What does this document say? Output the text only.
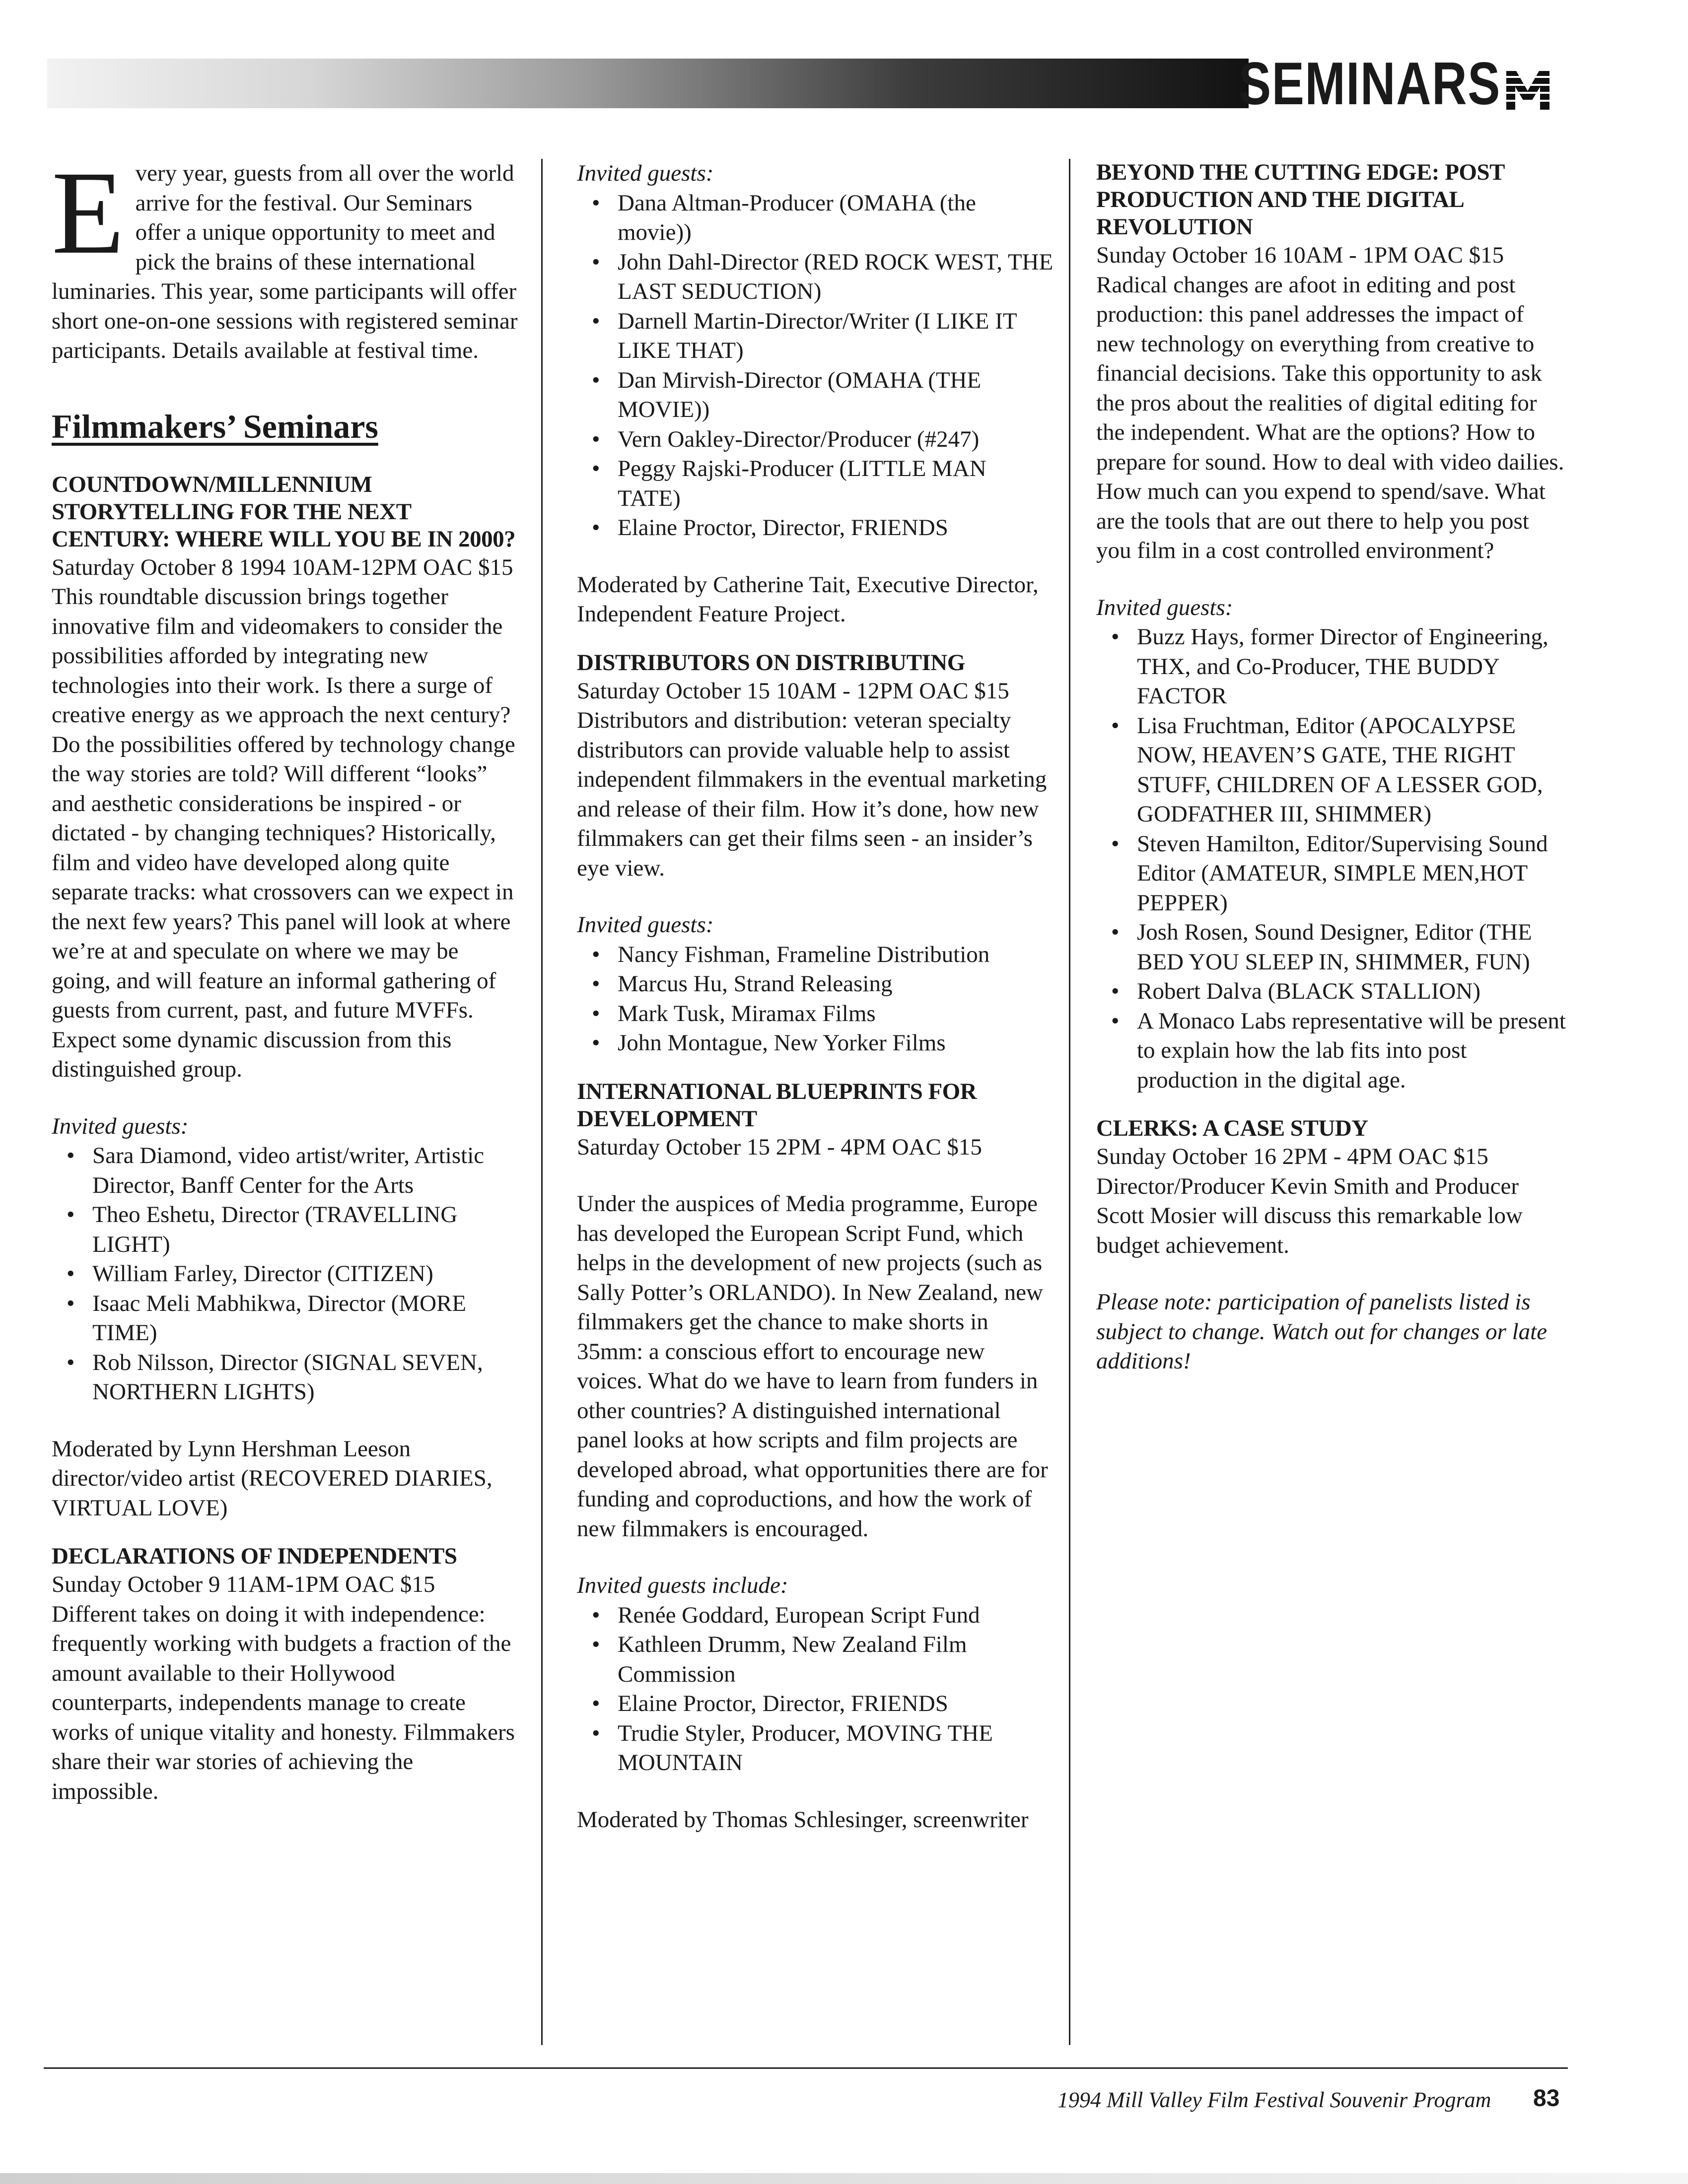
SEMINARS
E very year, guests from all over the world arrive for the festival. Our Seminars offer a unique opportunity to meet and pick the brains of these international luminaries. This year, some participants will offer short one-on-one sessions with registered seminar participants. Details available at festival time.
Filmmakers’ Seminars

COUNTDOWN/MILLENNIUM STORYTELLING FOR THE NEXT CENTURY: WHERE WILL YOU BE IN 2000?

Saturday October 8 1994 10AM-12PM OAC $15

This roundtable discussion brings together innovative film and videomakers to consider the possibilities afforded by integrating new technologies into their work. Is there a surge of creative energy as we approach the next century? Do the possibilities offered by technology change the way stories are told? Will different “looks” and aesthetic considerations be inspired - or dictated - by changing techniques? Historically, film and video have developed along quite separate tracks: what crossovers can we expect in the next few years? This panel will look at where we’re at and speculate on where we may be going, and will feature an informal gathering of guests from current, past, and future MVFFs. Expect some dynamic discussion from this distinguished group.

Invited guests:

• Sara Diamond, video artist/writer, Artistic Director, Banff Center for the Arts
• Theo Eshetu, Director (TRAVELLING LIGHT)
• William Farley, Director (CITIZEN)
• Isaac Meli Mabhikwa, Director (MORE TIME)
• Rob Nilsson, Director (SIGNAL SEVEN, NORTHERN LIGHTS)

Moderated by Lynn Hershman Leeson director/video artist (RECOVERED DIARIES, VIRTUAL LOVE)

DECLARATIONS OF INDEPENDENTS

Sunday October 9 11AM-1PM OAC $15

Different takes on doing it with independence: frequently working with budgets a fraction of the amount available to their Hollywood counterparts, independents manage to create works of unique vitality and honesty. Filmmakers share their war stories of achieving the impossible.

Invited guests:

• Dana Altman-Producer (OMAHA (the movie))
• John Dahl-Director (RED ROCK WEST, THE LAST SEDUCTION)
• Darnell Martin-Director/Writer (I LIKE IT LIKE THAT)
• Dan Mirvish-Director (OMAHA (THE MOVIE))
• Vern Oakley-Director/Producer (#247)
• Peggy Rajski-Producer (LITTLE MAN TATE)
• Elaine Proctor, Director, FRIENDS

Moderated by Catherine Tait, Executive Director, Independent Feature Project.

DISTRIBUTORS ON DISTRIBUTING

Saturday October 15 10AM - 12PM OAC $15

Distributors and distribution: veteran specialty distributors can provide valuable help to assist independent filmmakers in the eventual marketing and release of their film. How it’s done, how new filmmakers can get their films seen - an insider’s eye view.

Invited guests:

• Nancy Fishman, Frameline Distribution
• Marcus Hu, Strand Releasing
• Mark Tusk, Miramax Films
• John Montague, New Yorker Films

INTERNATIONAL BLUEPRINTS FOR DEVELOPMENT

Saturday October 15 2PM - 4PM OAC $15

Under the auspices of Media programme, Europe has developed the European Script Fund, which helps in the development of new projects (such as Sally Potter’s ORLANDO). In New Zealand, new filmmakers get the chance to make shorts in 35mm: a conscious effort to encourage new voices. What do we have to learn from funders in other countries? A distinguished international panel looks at how scripts and film projects are developed abroad, what opportunities there are for funding and coproductions, and how the work of new filmmakers is encouraged.

Invited guests include:

• Renée Goddard, European Script Fund
• Kathleen Drumm, New Zealand Film Commission
• Elaine Proctor, Director, FRIENDS
• Trudie Styler, Producer, MOVING THE MOUNTAIN

Moderated by Thomas Schlesinger, screenwriter

BEYOND THE CUTTING EDGE: POST PRODUCTION AND THE DIGITAL REVOLUTION

Sunday October 16 10AM - 1PM OAC $15

Radical changes are afoot in editing and post production: this panel addresses the impact of new technology on everything from creative to financial decisions. Take this opportunity to ask the pros about the realities of digital editing for the independent. What are the options? How to prepare for sound. How to deal with video dailies. How much can you expend to spend/save. What are the tools that are out there to help you post you film in a cost controlled environment?

Invited guests:

• Buzz Hays, former Director of Engineering, THX, and Co-Producer, THE BUDDY FACTOR
• Lisa Fruchtman, Editor (APOCALYPSE NOW, HEAVEN’S GATE, THE RIGHT STUFF, CHILDREN OF A LESSER GOD, GODFATHER III, SHIMMER)
• Steven Hamilton, Editor/Supervising Sound Editor (AMATEUR, SIMPLE MEN,HOT PEPPER)
• Josh Rosen, Sound Designer, Editor (THE BED YOU SLEEP IN, SHIMMER, FUN)
• Robert Dalva (BLACK STALLION)
• A Monaco Labs representative will be present to explain how the lab fits into post production in the digital age.

CLERKS: A CASE STUDY

Sunday October 16 2PM - 4PM OAC $15

Director/Producer Kevin Smith and Producer Scott Mosier will discuss this remarkable low budget achievement.

Please note: participation of panelists listed is subject to change. Watch out for changes or late additions!

1994 Mill Valley Film Festival Souvenir Program 83
